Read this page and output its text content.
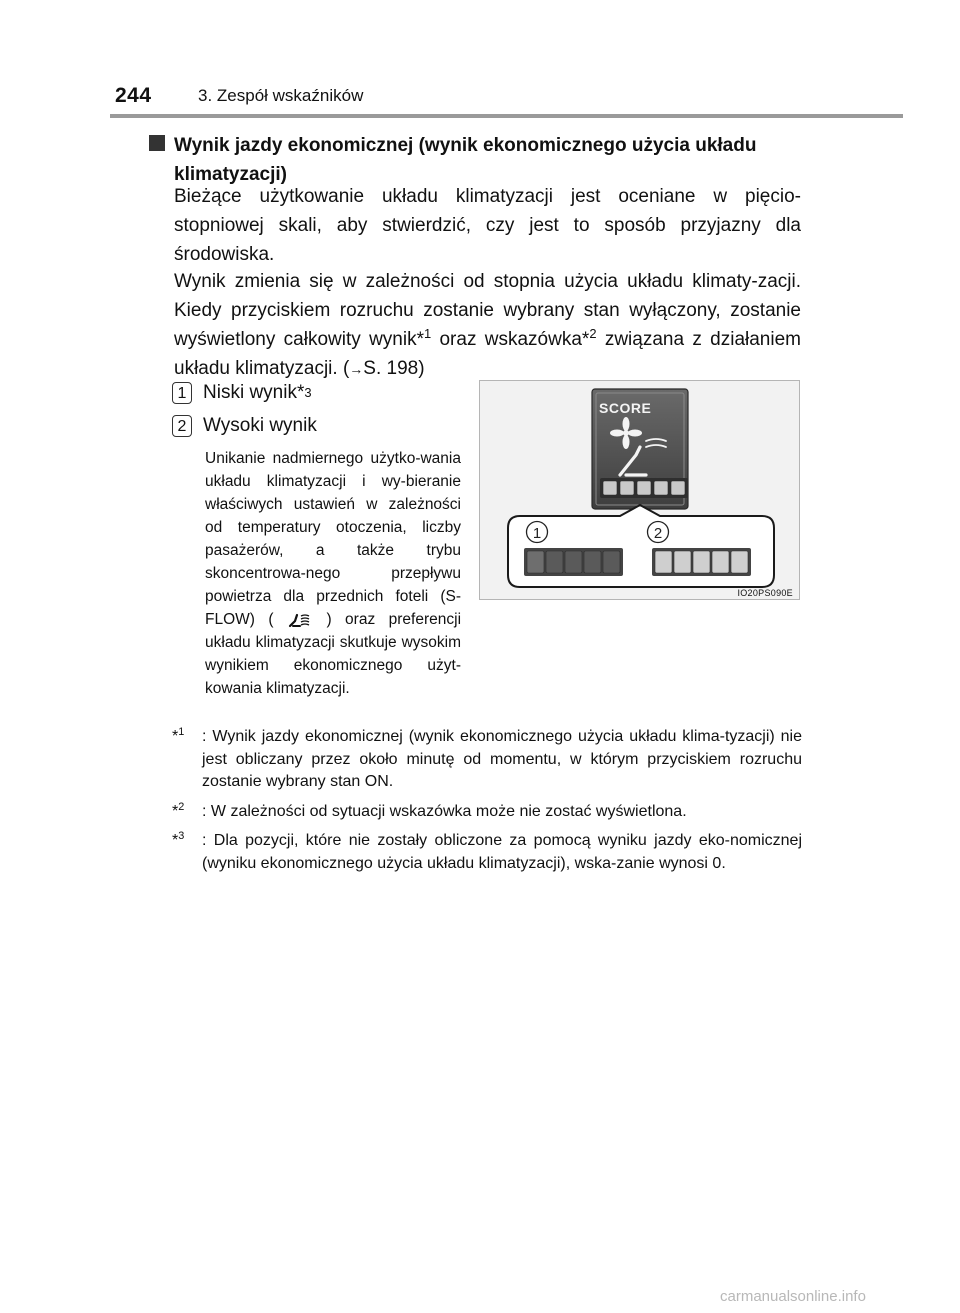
244	3. Zespół wskaźników
Wynik jazdy ekonomicznej (wynik ekonomicznego użycia układu klimatyzacji)
Bieżące użytkowanie układu klimatyzacji jest oceniane w pięcio-stopniowej skali, aby stwierdzić, czy jest to sposób przyjazny dla środowiska.
Wynik zmienia się w zależności od stopnia użycia układu klimaty-zacji. Kiedy przyciskiem rozruchu zostanie wybrany stan wyłączony, zostanie wyświetlony całkowity wynik*$^1$ oraz wskazówka*$^2$ związana z działaniem układu klimatyzacji. (→S. 198)
1 Niski wynik* 3
2 Wysoki wynik
Unikanie nadmiernego użytko-wania układu klimatyzacji i wy-bieranie właściwych ustawień w zależności od temperatury otoczenia, liczby pasażerów, a także trybu skoncentrowa-nego przepływu powietrza dla przednich foteli (S-FLOW) (	) oraz preferencji układu klimatyzacji skutkuje wysokim wynikiem ekonomicznego użyt-kowania klimatyzacji.
SCORE
1	2
IO20PS090E
*$^1$ : Wynik jazdy ekonomicznej (wynik ekonomicznego użycia układu klima-tyzacji) nie jest obliczany przez około minutę od momentu, w którym przyciskiem rozruchu zostanie wybrany stan ON.
*$^2$ : W zależności od sytuacji wskazówka może nie zostać wyświetlona.
*$^3$ : Dla pozycji, które nie zostały obliczone za pomocą wyniku jazdy eko-nomicznej (wyniku ekonomicznego użycia układu klimatyzacji), wska-zanie wynosi 0.
carmanualsonline.info
